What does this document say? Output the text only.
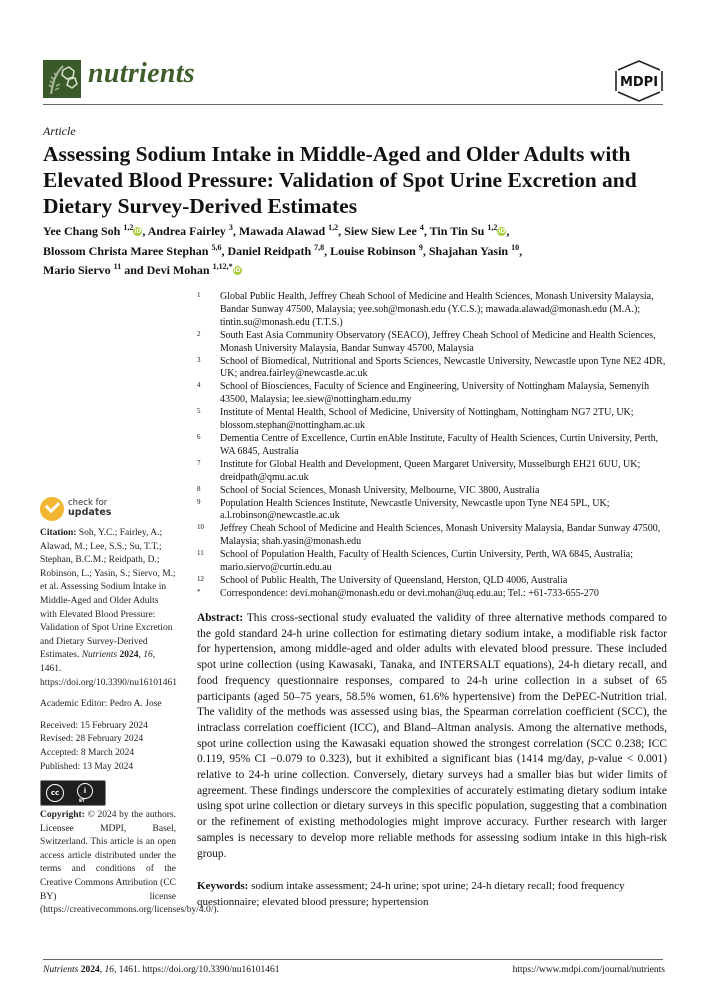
nutrients	MDPI
Article
Assessing Sodium Intake in Middle-Aged and Older Adults with Elevated Blood Pressure: Validation of Spot Urine Excretion and Dietary Survey-Derived Estimates
Yee Chang Soh $^{1,2}$iD, Andrea Fairley $^3$, Mawada Alawad $^{1,2}$, Siew Siew Lee $^4$, Tin Tin Su $^{1,2}$iD,
Blossom Christa Maree Stephan $^{5,6}$, Daniel Reidpath $^{7,8}$, Louise Robinson $^9$, Shajahan Yasin $^{10}$,
Mario Siervo $^{11}$ and Devi Mohan $^{1,12,*}$iD
1 Global Public Health, Jeffrey Cheah School of Medicine and Health Sciences, Monash University Malaysia, Bandar Sunway 47500, Malaysia; yee.soh@monash.edu (Y.C.S.); mawada.alawad@monash.edu (M.A.); tintin.su@monash.edu (T.T.S.)
2 South East Asia Community Observatory (SEACO), Jeffrey Cheah School of Medicine and Health Sciences, Monash University Malaysia, Bandar Sunway 45700, Malaysia
3 School of Biomedical, Nutritional and Sports Sciences, Newcastle University, Newcastle upon Tyne NE2 4DR, UK; andrea.fairley@newcastle.ac.uk
4 School of Biosciences, Faculty of Science and Engineering, University of Nottingham Malaysia, Semenyih 43500, Malaysia; lee.siew@nottingham.edu.my
5 Institute of Mental Health, School of Medicine, University of Nottingham, Nottingham NG7 2TU, UK; blossom.stephan@nottingham.ac.uk
6 Dementia Centre of Excellence, Curtin enAble Institute, Faculty of Health Sciences, Curtin University, Perth, WA 6845, Australia
7 Institute for Global Health and Development, Queen Margaret University, Musselburgh EH21 6UU, UK; dreidpath@qmu.ac.uk
8 School of Social Sciences, Monash University, Melbourne, VIC 3800, Australia
9 Population Health Sciences Institute, Newcastle University, Newcastle upon Tyne NE4 5PL, UK; a.l.robinson@newcastle.ac.uk
10 Jeffrey Cheah School of Medicine and Health Sciences, Monash University Malaysia, Bandar Sunway 47500, Malaysia; shah.yasin@monash.edu
11 School of Population Health, Faculty of Health Sciences, Curtin University, Perth, WA 6845, Australia; mario.siervo@curtin.edu.au
12 School of Public Health, The University of Queensland, Herston, QLD 4006, Australia
* Correspondence: devi.mohan@monash.edu or devi.mohan@uq.edu.au; Tel.: +61-733-655-270
check for
updates

Citation: Soh, Y.C.; Fairley, A.; Alawad, M.; Lee, S.S.; Su, T.T.; Stephan, B.C.M.; Reidpath, D.; Robinson, L.; Yasin, S.; Siervo, M.; et al. Assessing Sodium Intake in Middle-Aged and Older Adults with Elevated Blood Pressure: Validation of Spot Urine Excretion and Dietary Survey-Derived Estimates. Nutrients 2024, 16, 1461. https://doi.org/10.3390/nu16101461

Academic Editor: Pedro A. Jose

Received: 15 February 2024

Revised: 28 February 2024

Accepted: 8 March 2024

Published: 13 May 2024

cc	i
BY
Copyright: © 2024 by the authors. Licensee MDPI, Basel, Switzerland. This article is an open access article distributed under the terms and conditions of the Creative Commons Attribution (CC BY) license (https://creativecommons.org/licenses/by/4.0/).
Abstract: This cross-sectional study evaluated the validity of three alternative methods compared to the gold standard 24-h urine collection for estimating dietary sodium intake, a modifiable risk factor for hypertension, among middle-aged and older adults with elevated blood pressure. These included spot urine collection (using Kawasaki, Tanaka, and INTERSALT equations), 24-h dietary recall, and food frequency questionnaire responses, compared to 24-h urine collection in a subset of 65 participants (aged 50–75 years, 58.5% women, 61.6% hypertensive) from the DePEC-Nutrition trial. The validity of the methods was assessed using bias, the Spearman correlation coefficient (SCC), the intraclass correlation coefficient (ICC), and Bland–Altman analysis. Among the alternative methods, spot urine collection using the Kawasaki equation showed the strongest correlation (SCC 0.238; ICC 0.119, 95% CI −0.079 to 0.323), but it exhibited a significant bias (1414 mg/day, p-value < 0.001) relative to 24-h urine collection. Conversely, dietary surveys had a smaller bias but wider limits of agreement. These findings underscore the complexities of accurately estimating dietary sodium intake using spot urine collection or dietary surveys in this specific population, suggesting that a combination or the refinement of existing methodologies might improve accuracy. Further research with larger samples is necessary to develop more reliable methods for assessing sodium intake in this high-risk group.
Keywords: sodium intake assessment; 24-h urine; spot urine; 24-h dietary recall; food frequency questionnaire; elevated blood pressure; hypertension
Nutrients 2024, 16, 1461. https://doi.org/10.3390/nu16101461	https://www.mdpi.com/journal/nutrients
